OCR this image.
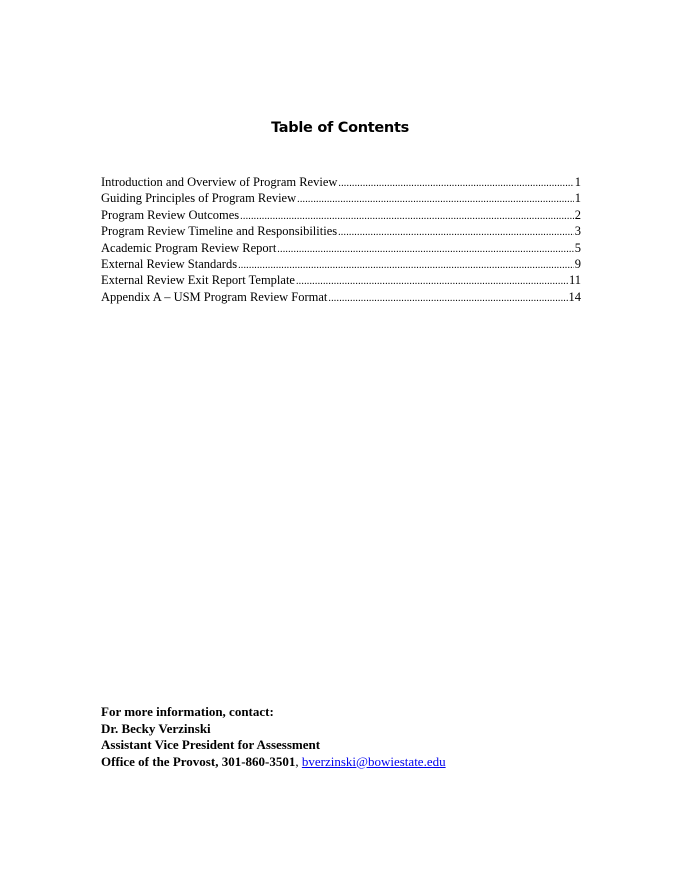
Table of Contents
Introduction and Overview of Program Review .....	1
Guiding Principles of Program Review .....	1
Program Review Outcomes .....	2
Program Review Timeline and Responsibilities .....	3
Academic Program Review Report .....	5
External Review Standards .....	9
External Review Exit Report Template .....	11
Appendix A – USM Program Review Format .....	14
For more information, contact:
Dr. Becky Verzinski
Assistant Vice President for Assessment
Office of the Provost, 301-860-3501, bverzinski@bowiestate.edu
